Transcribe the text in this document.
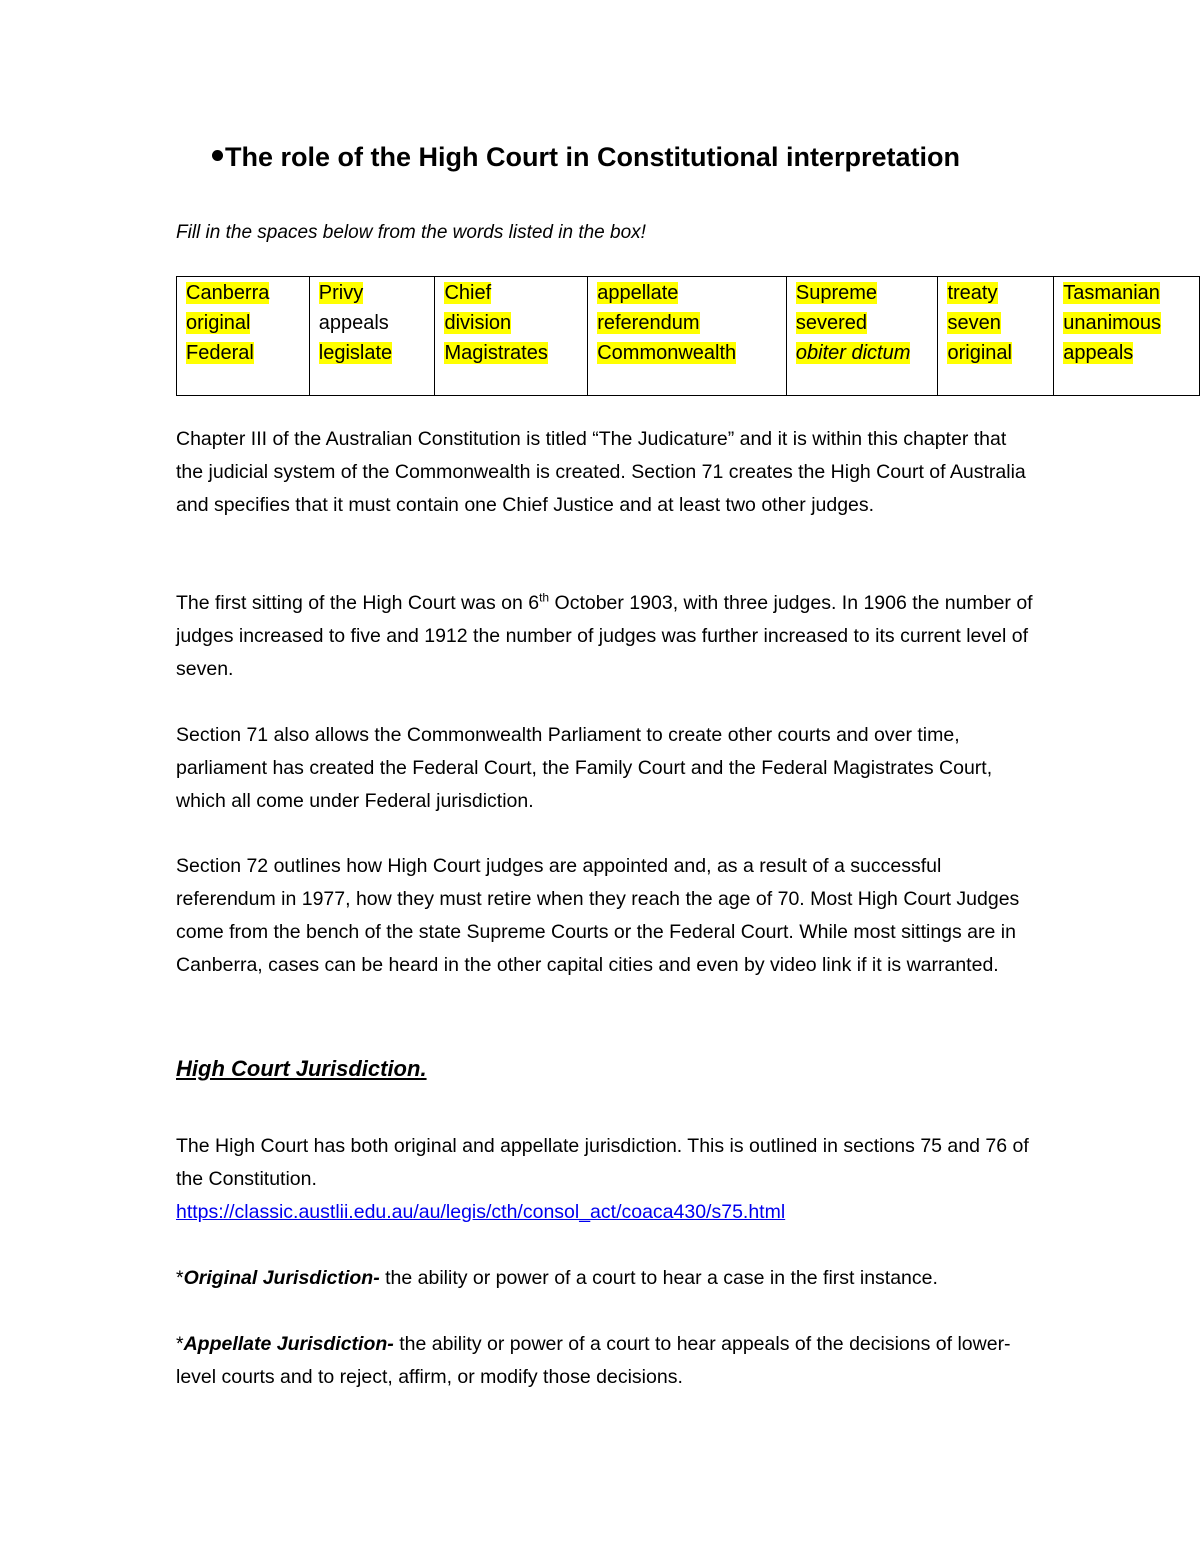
The role of the High Court in Constitutional interpretation
Fill in the spaces below from the words listed in the box!
Canberra	Privy	Chief	appellate	Supreme	treaty	Tasmanian
original	appeals	division	referendum	severed	seven	unanimous
Federal	legislate	Magistrates	Commonwealth	obiter dictum	original	appeals

Chapter III of the Australian Constitution is titled “The Judicature” and it is within this chapter that the judicial system of the Commonwealth is created. Section 71 creates the High Court of Australia and specifies that it must contain one Chief Justice and at least two other judges.

The first sitting of the High Court was on 6th October 1903, with three judges. In 1906 the number of judges increased to five and 1912 the number of judges was further increased to its current level of seven.

Section 71 also allows the Commonwealth Parliament to create other courts and over time, parliament has created the Federal Court, the Family Court and the Federal Magistrates Court, which all come under Federal jurisdiction.

Section 72 outlines how High Court judges are appointed and, as a result of a successful referendum in 1977, how they must retire when they reach the age of 70. Most High Court Judges come from the bench of the state Supreme Courts or the Federal Court. While most sittings are in Canberra, cases can be heard in the other capital cities and even by video link if it is warranted.

High Court Jurisdiction.

The High Court has both original and appellate jurisdiction. This is outlined in sections 75 and 76 of the Constitution.
https://classic.austlii.edu.au/au/legis/cth/consol_act/coaca430/s75.html

*Original Jurisdiction- the ability or power of a court to hear a case in the first instance.

*Appellate Jurisdiction- the ability or power of a court to hear appeals of the decisions of lower-level courts and to reject, affirm, or modify those decisions.
